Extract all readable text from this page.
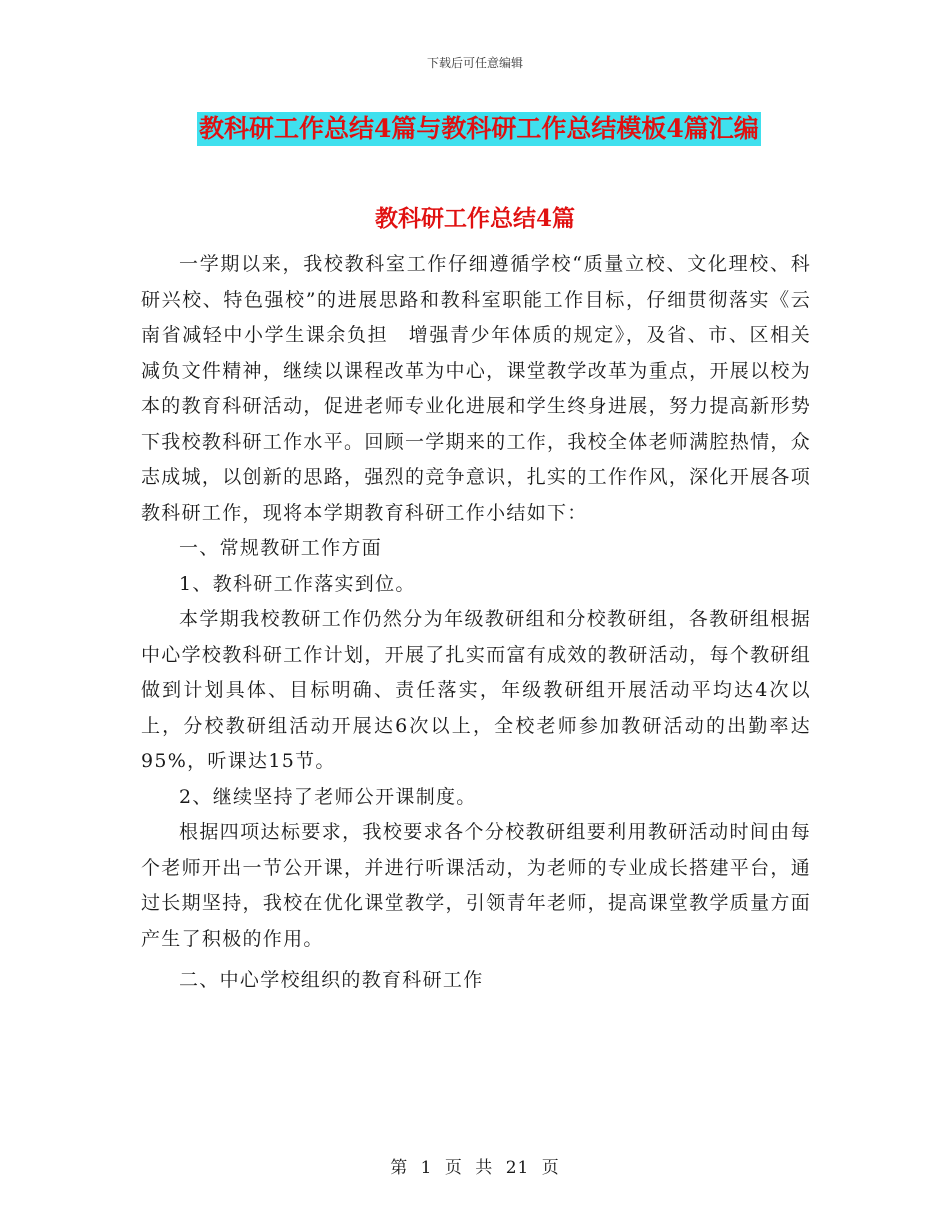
下载后可任意编辑
教科研工作总结4篇与教科研工作总结模板4篇汇编
教科研工作总结4篇

一学期以来，我校教科室工作仔细遵循学校“质量立校、文化理校、科研兴校、特色强校”的进展思路和教科室职能工作目标，仔细贯彻落实《云南省减轻中小学生课余负担　增强青少年体质的规定》，及省、市、区相关减负文件精神，继续以课程改革为中心，课堂教学改革为重点，开展以校为本的教育科研活动，促进老师专业化进展和学生终身进展，努力提高新形势下我校教科研工作水平。回顾一学期来的工作，我校全体老师满腔热情，众志成城，以创新的思路，强烈的竞争意识，扎实的工作作风，深化开展各项教科研工作，现将本学期教育科研工作小结如下：

一、常规教研工作方面

1、教科研工作落实到位。

本学期我校教研工作仍然分为年级教研组和分校教研组，各教研组根据中心学校教科研工作计划，开展了扎实而富有成效的教研活动，每个教研组做到计划具体、目标明确、责任落实，年级教研组开展活动平均达4次以上，分校教研组活动开展达6次以上，全校老师参加教研活动的出勤率达95%，听课达15节。

2、继续坚持了老师公开课制度。

根据四项达标要求，我校要求各个分校教研组要利用教研活动时间由每个老师开出一节公开课，并进行听课活动，为老师的专业成长搭建平台，通过长期坚持，我校在优化课堂教学，引领青年老师，提高课堂教学质量方面产生了积极的作用。

二、中心学校组织的教育科研工作

第 1 页 共 21 页
